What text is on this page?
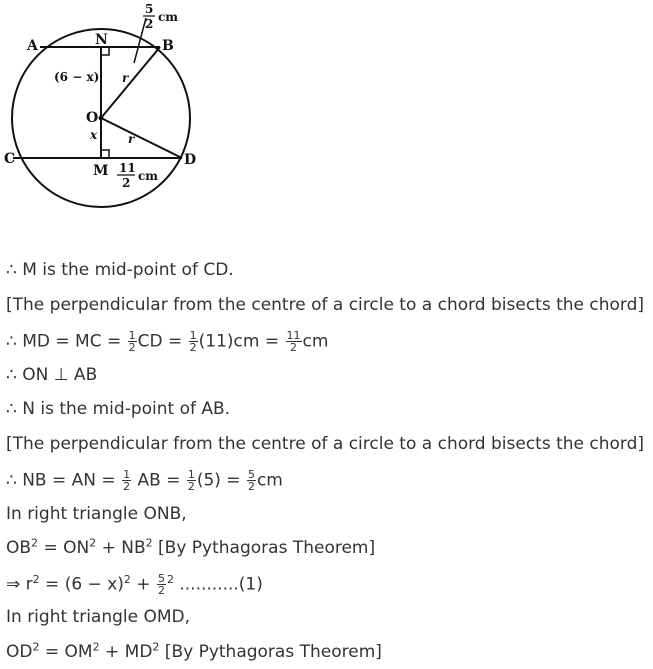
A	N	B
C
M
D
O
(6 − x)
x
r
r
5
2 cm
11
2 cm
∴ M is the mid-point of CD.
[The perpendicular from the centre of a circle to a chord bisects the chord]
∴ MD = MC = $\frac{1}{2}$ CD = $\frac{1}{2} (11)cm = \frac{11}{2}$ cm
∴ ON ⊥ AB
∴ N is the mid-point of AB.
[The perpendicular from the centre of a circle to a chord bisects the chord]
∴ NB = AN = $\frac{1}{2}$ AB = $\frac{1}{2} (5) = \frac{5}{2}$ cm
In right triangle ONB,
$OB^2 = ON^2 + NB^2$ [By Pythagoras Theorem]
⇒ $r^2 = (6 - x)^2 + \frac{5}{2} ^2$ ...........(1)
In right triangle OMD,
$OD^2 = OM^2 + MD^2$ [By Pythagoras Theorem]
